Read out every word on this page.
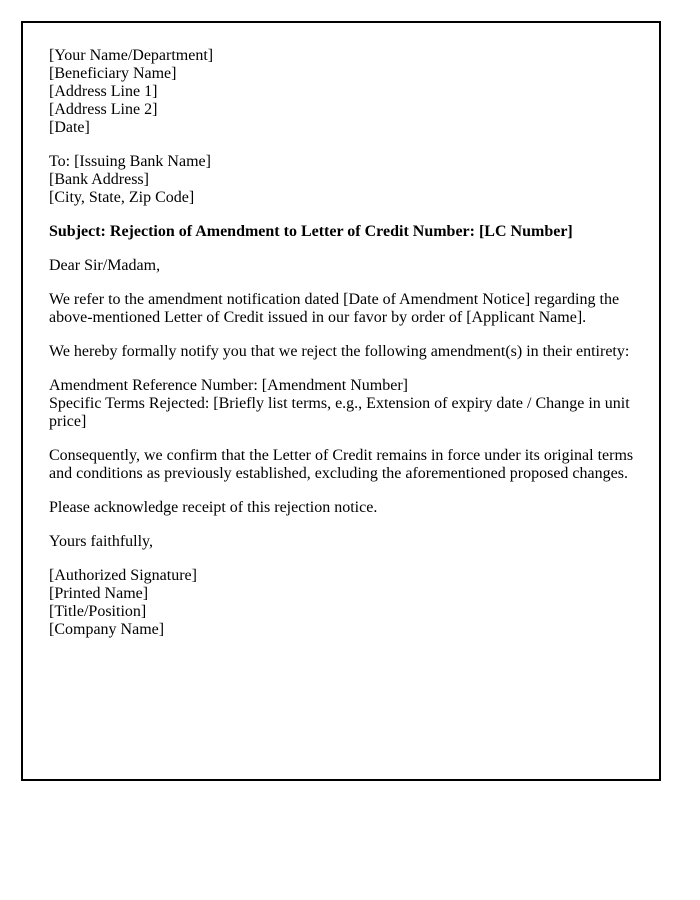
[Your Name/Department]
[Beneficiary Name]
[Address Line 1]
[Address Line 2]
[Date]
To: [Issuing Bank Name]
[Bank Address]
[City, State, Zip Code]
Subject: Rejection of Amendment to Letter of Credit Number: [LC Number]
Dear Sir/Madam,
We refer to the amendment notification dated [Date of Amendment Notice] regarding the above-mentioned Letter of Credit issued in our favor by order of [Applicant Name].
We hereby formally notify you that we reject the following amendment(s) in their entirety:
Amendment Reference Number: [Amendment Number]
Specific Terms Rejected: [Briefly list terms, e.g., Extension of expiry date / Change in unit price]
Consequently, we confirm that the Letter of Credit remains in force under its original terms and conditions as previously established, excluding the aforementioned proposed changes.
Please acknowledge receipt of this rejection notice.
Yours faithfully,
[Authorized Signature]
[Printed Name]
[Title/Position]
[Company Name]
